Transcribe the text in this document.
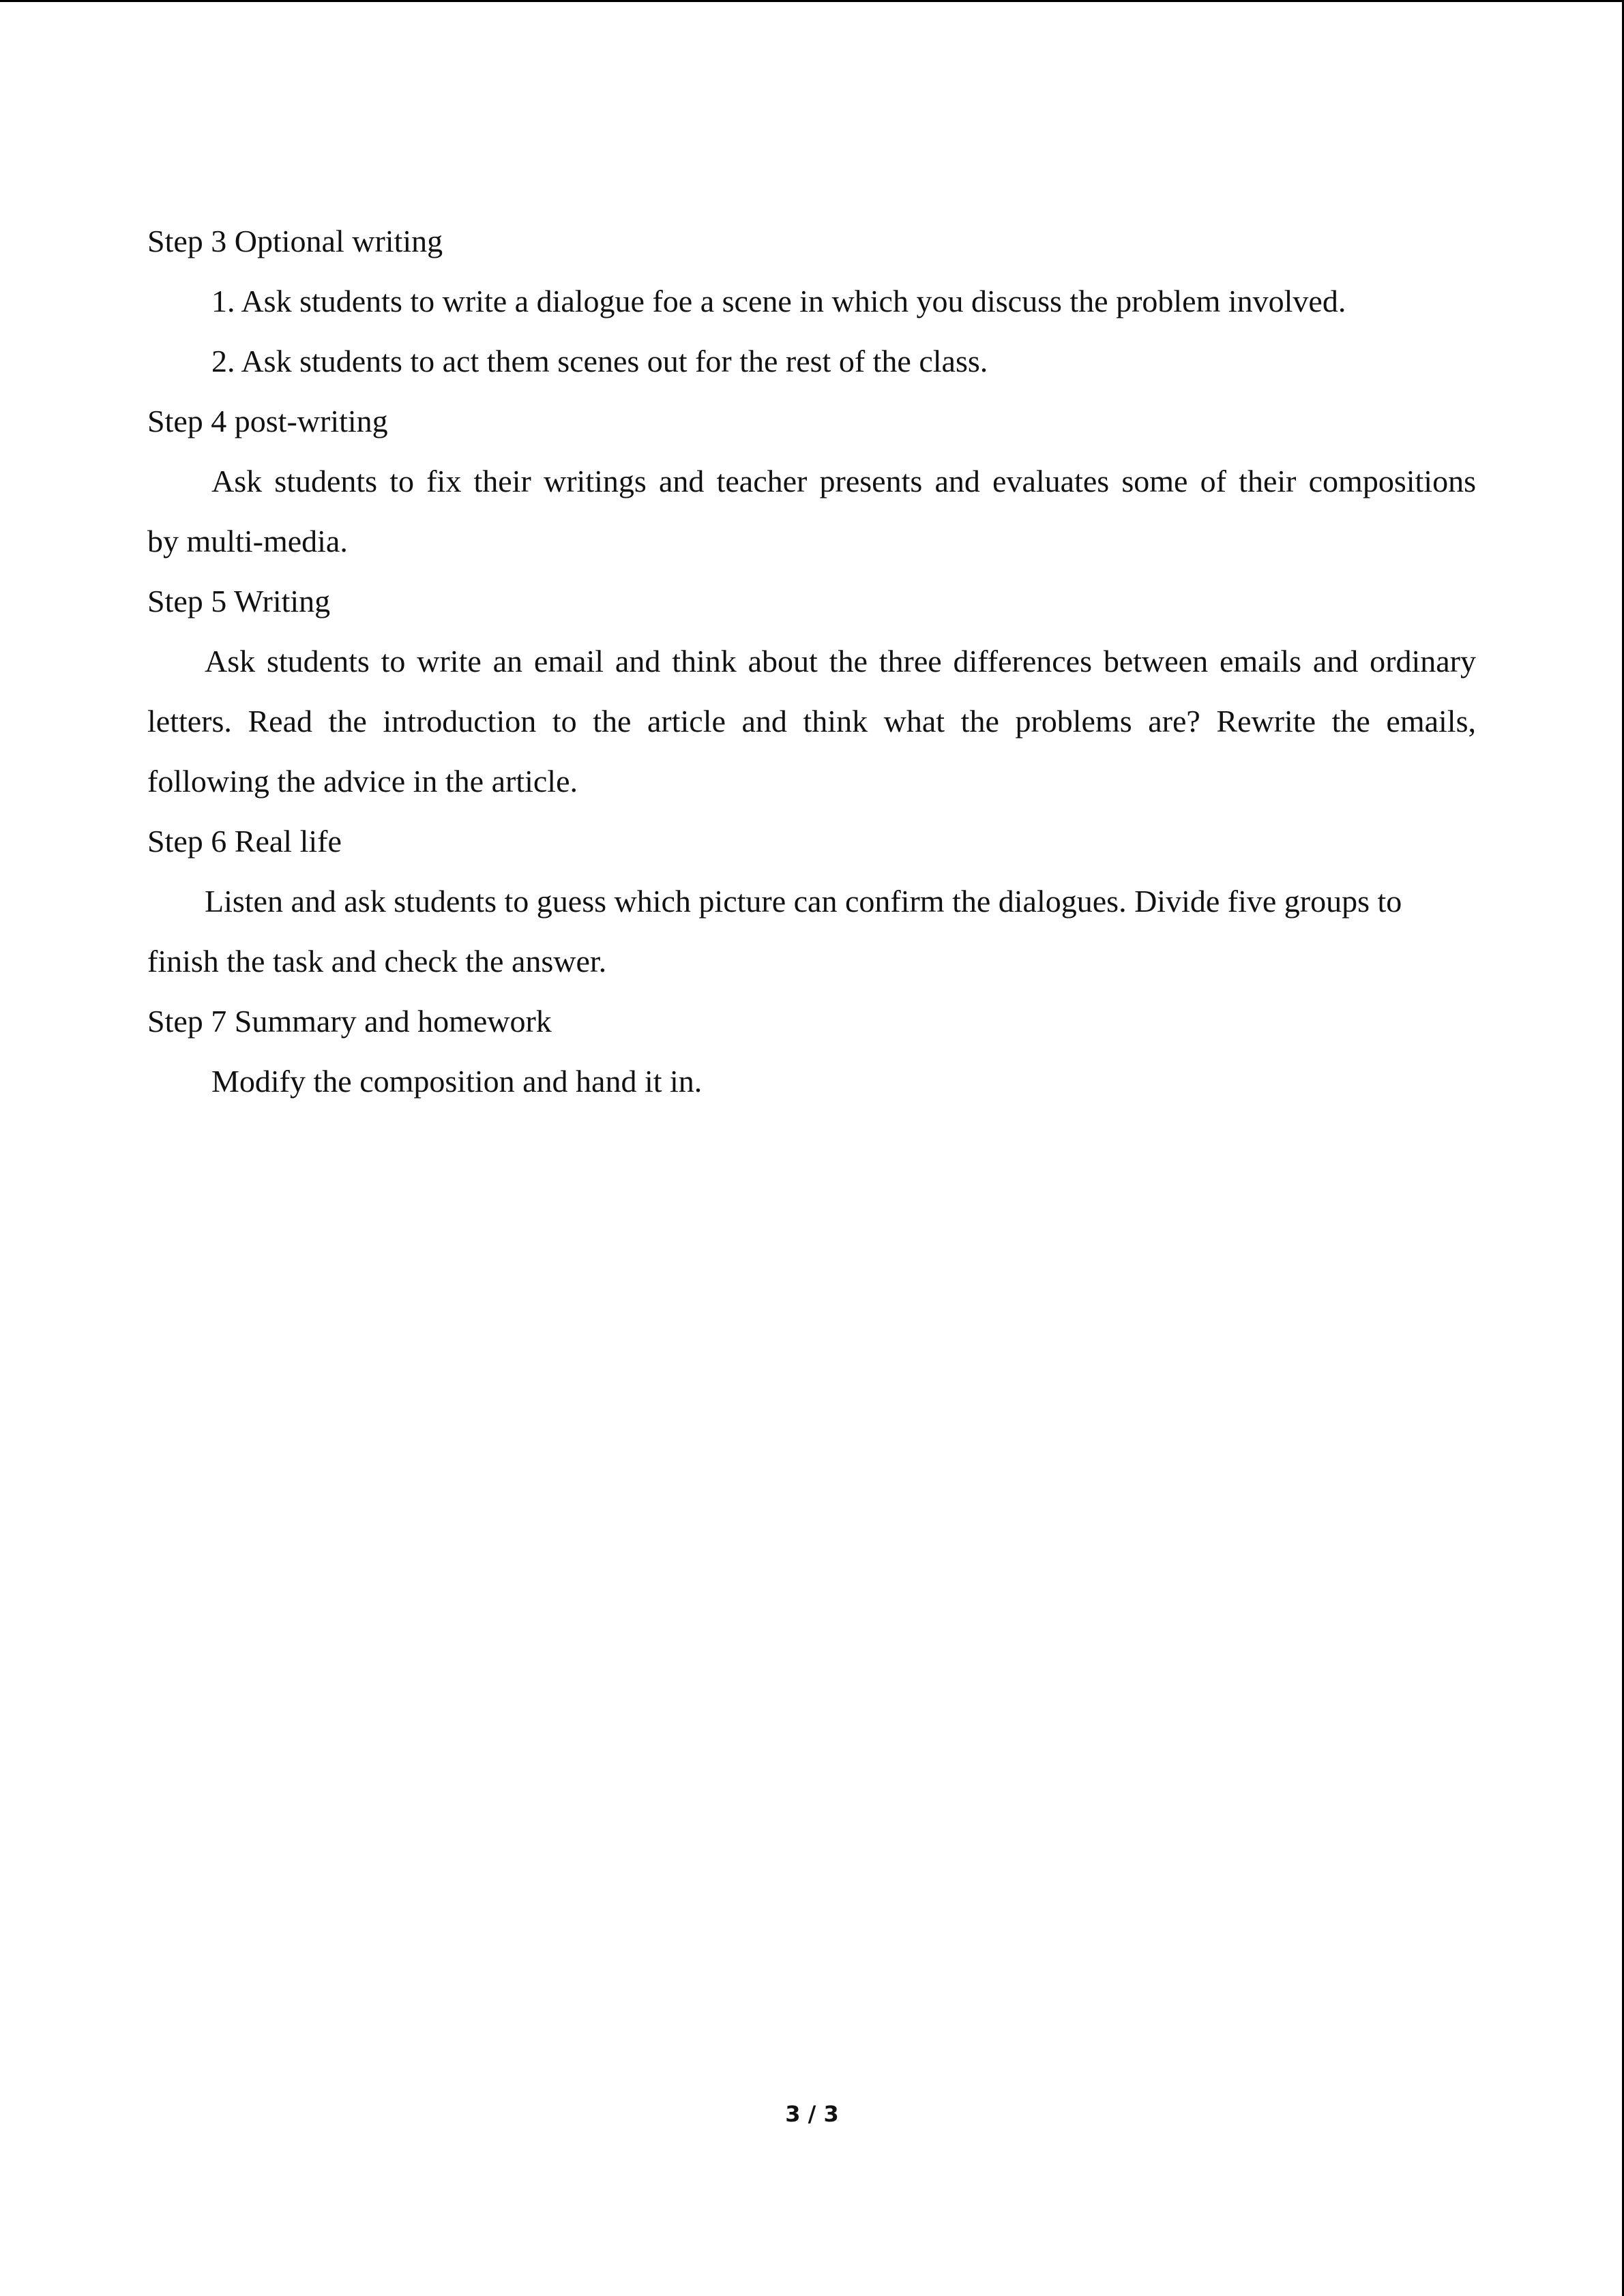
Step 3 Optional writing

1. Ask students to write a dialogue foe a scene in which you discuss the problem involved.

2. Ask students to act them scenes out for the rest of the class.

Step 4 post-writing

Ask students to fix their writings and teacher presents and evaluates some of their compositions

by multi-media.

Step 5 Writing

Ask students to write an email and think about the three differences between emails and ordinary

letters. Read the introduction to the article and think what the problems are? Rewrite the emails,

following the advice in the article.

Step 6 Real life

Listen and ask students to guess which picture can confirm the dialogues. Divide five groups to

finish the task and check the answer.

Step 7 Summary and homework

Modify the composition and hand it in.

3 / 3
